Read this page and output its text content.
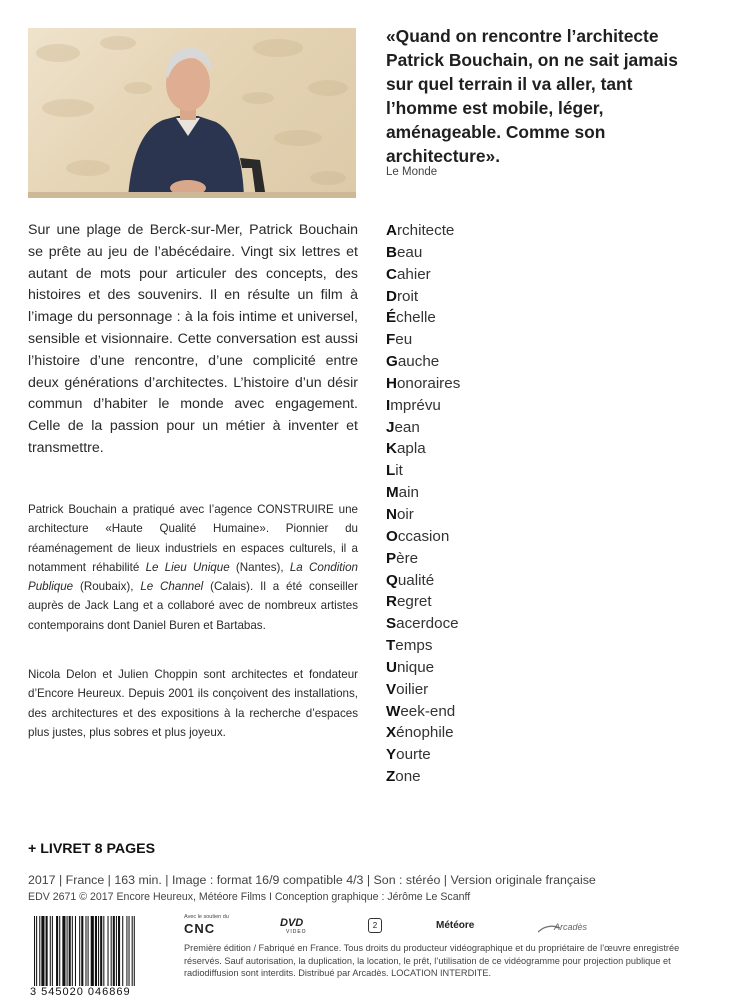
«Quand on rencontre l’architecte Patrick Bouchain, on ne sait jamais sur quel terrain il va aller, tant l’homme est mobile, léger, aménageable. Comme son architecture».

Le Monde

Sur une plage de Berck-sur-Mer, Patrick Bouchain se prête au jeu de l’abécédaire. Vingt six lettres et autant de mots pour articuler des concepts, des histoires et des souvenirs. Il en résulte un film à l’image du personnage : à la fois intime et universel, sensible et visionnaire. Cette conversation est aussi l’histoire d’une rencontre, d’une complicité entre deux générations d’architectes. L’histoire d’un désir commun d’habiter le monde avec engagement. Celle de la passion pour un métier à inventer et transmettre.

Patrick Bouchain a pratiqué avec l’agence CONSTRUIRE une architecture «Haute Qualité Humaine». Pionnier du réaménagement de lieux industriels en espaces culturels, il a notamment réhabilité Le Lieu Unique (Nantes), La Condition Publique (Roubaix), Le Channel (Calais). Il a été conseiller auprès de Jack Lang et a collaboré avec de nombreux artistes contemporains dont Daniel Buren et Bartabas.

Nicola Delon et Julien Choppin sont architectes et fondateur d’Encore Heureux. Depuis 2001 ils conçoivent des installations, des architectures et des expositions à la recherche d’espaces plus justes, plus sobres et plus joyeux.

Architecte
Beau
Cahier
Droit
Échelle
Feu
Gauche
Honoraires
Imprévu
Jean
Kapla
Lit
Main
Noir
Occasion
Père
Qualité
Regret
Sacerdoce
Temps
Unique
Voilier
Week-end
Xénophile
Yourte
Zone
+ LIVRET 8 PAGES
2017 | France | 163 min. | Image : format 16/9 compatible 4/3 | Son : stéréo | Version originale française
EDV 2671 © 2017 Encore Heureux, Météore Films I Conception graphique : Jérôme Le Scanff
3 545020 046869
Avec le soutien du
CNC	DVD
VIDEO
2	Météore	Arcadès

Première édition / Fabriqué en France. Tous droits du producteur vidéographique et du propriétaire de l’œuvre enregistrée réservés. Sauf autorisation, la duplication, la location, le prêt, l’utilisation de ce vidéogramme pour projection publique et radiodiffusion sont interdits. Distribué par Arcadès. LOCATION INTERDITE.
